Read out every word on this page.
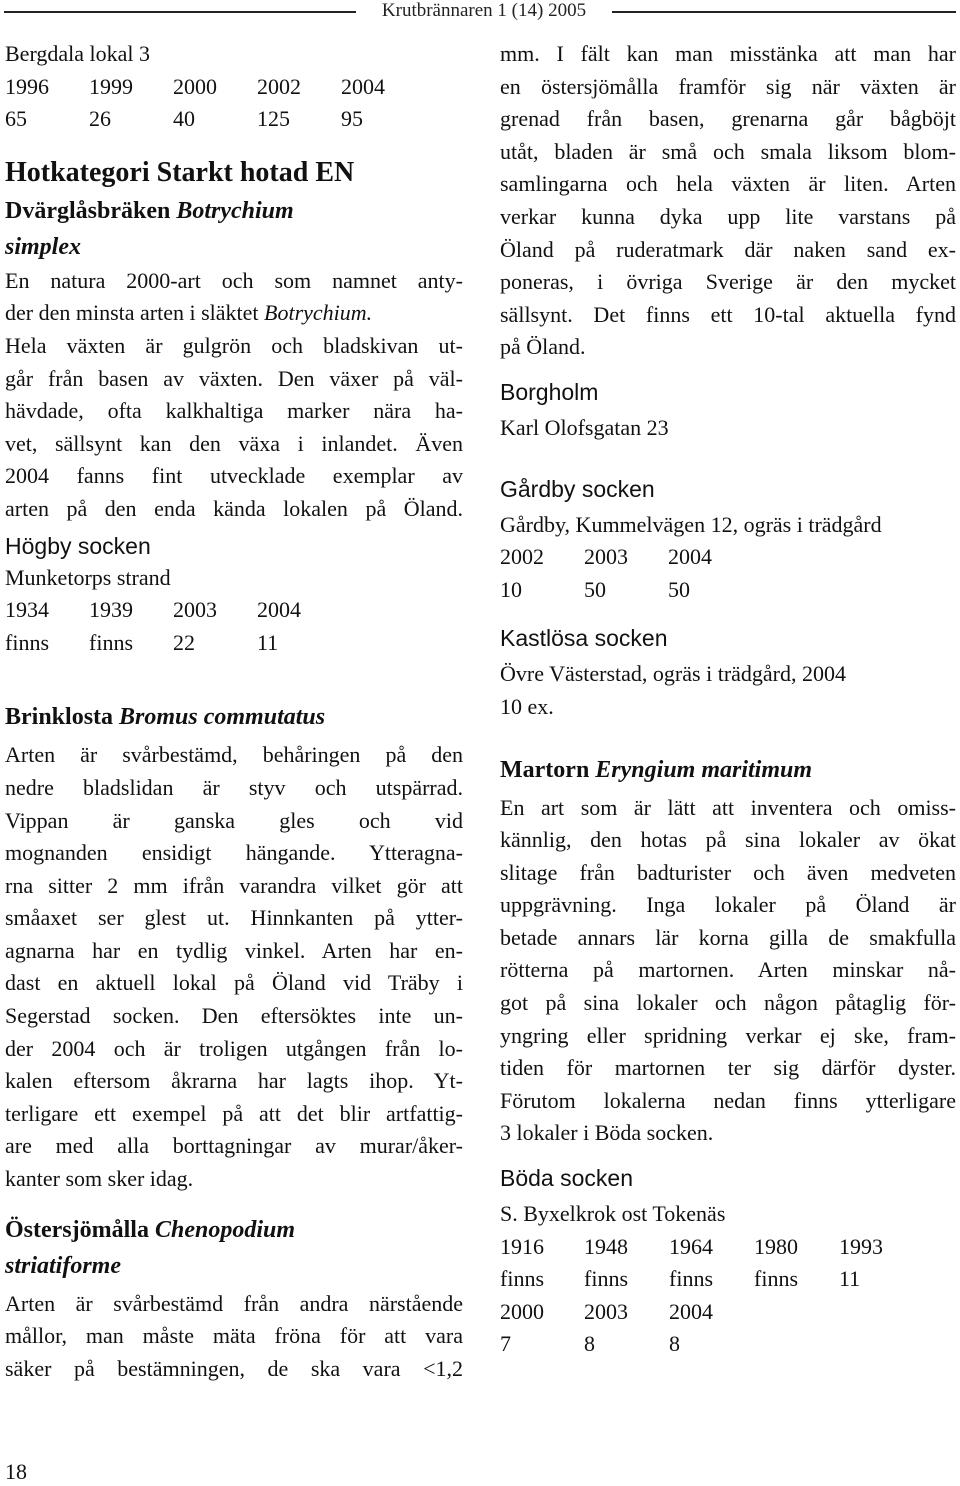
Krutbrännaren 1 (14) 2005

Bergdala lokal 3

1996	1999	2000	2002	2004
65	26	40	125	95
Hotkategori Starkt hotad EN
Dvärglåsbräken Botrychium
simplex
En natura 2000-art och som namnet anty-
der den minsta arten i släktet Botrychium.
Hela växten är gulgrön och bladskivan ut-
går från basen av växten. Den växer på väl-
hävdade, ofta kalkhaltiga marker nära ha-
vet, sällsynt kan den växa i inlandet. Även
2004 fanns fint utvecklade exemplar av
arten på den enda kända lokalen på Öland.

Högby socken

Munketorps strand

1934	1939	2003	2004
finns	finns	22	11
Brinklosta Bromus commutatus
Arten är svårbestämd, behåringen på den
nedre bladslidan är styv och utspärrad.
Vippan är ganska gles och vid
mognanden ensidigt hängande. Ytteragna-
rna sitter 2 mm ifrån varandra vilket gör att
småaxet ser glest ut. Hinnkanten på ytter-
agnarna har en tydlig vinkel. Arten har en-
dast en aktuell lokal på Öland vid Träby i
Segerstad socken. Den eftersöktes inte un-
der 2004 och är troligen utgången från lo-
kalen eftersom åkrarna har lagts ihop. Yt-
terligare ett exempel på att det blir artfattig-
are med alla borttagningar av murar/åker-
kanter som sker idag.
Östersjömålla Chenopodium
striatiforme
Arten är svårbestämd från andra närstående
mållor, man måste mäta fröna för att vara
säker på bestämningen, de ska vara <1,2
18
mm. I fält kan man misstänka att man har
en östersjömålla framför sig när växten är
grenad från basen, grenarna går bågböjt
utåt, bladen är små och smala liksom blom-
samlingarna och hela växten är liten. Arten
verkar kunna dyka upp lite varstans på
Öland på ruderatmark där naken sand ex-
poneras, i övriga Sverige är den mycket
sällsynt. Det finns ett 10-tal aktuella fynd
på Öland.

Borgholm

Karl Olofsgatan 23

Gårdby socken

Gårdby, Kummelvägen 12, ogräs i trädgård

2002	2003	2004
10	50	50

Kastlösa socken

Övre Västerstad, ogräs i trädgård, 2004

10 ex.

Martorn Eryngium maritimum
En art som är lätt att inventera och omiss-
kännlig, den hotas på sina lokaler av ökat
slitage från badturister och även medveten
uppgrävning. Inga lokaler på Öland är
betade annars lär korna gilla de smakfulla
rötterna på martornen. Arten minskar nå-
got på sina lokaler och någon påtaglig för-
yngring eller spridning verkar ej ske, fram-
tiden för martornen ter sig därför dyster.
Förutom lokalerna nedan finns ytterligare
3 lokaler i Böda socken.

Böda socken

S. Byxelkrok ost Tokenäs

1916	1948	1964	1980	1993
finns	finns	finns	finns	11
2000	2003	2004
7	8	8
